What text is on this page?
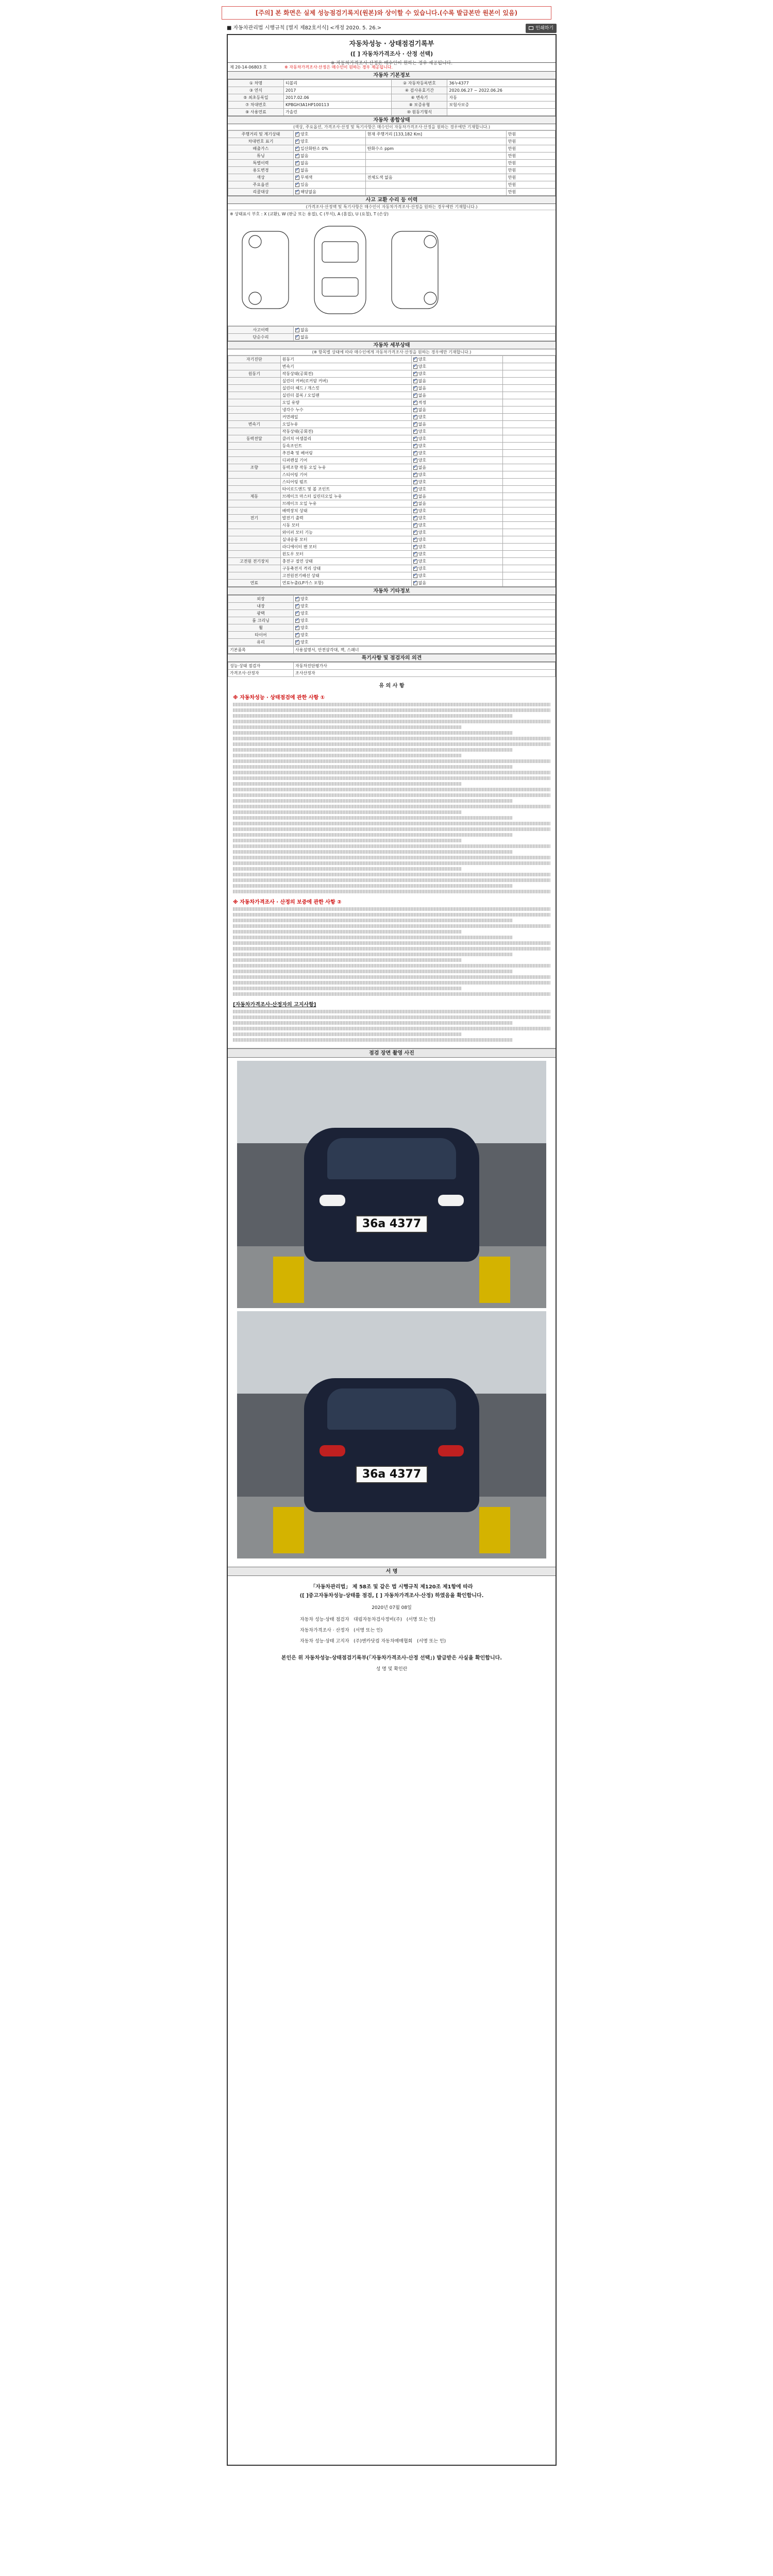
[주의] 본 화면은 실제 성능점검기록지(원본)와 상이할 수 있습니다.(수록 발급본만 원본이 있음)
■ 자동차관리법 시행규칙 [별지 제82호서식] <개정 2020. 5. 26.>	인쇄하기
자동차성능 · 상태점검기록부
([ ] 자동차가격조사 · 산정 선택)
※ 자동차가격조사·산정은 매수인이 원하는 경우 제공됩니다.
제 20-14-06803 호	※ 자동차가격조사·산정은 매수인이 원하는 경우 제공됩니다.
자동차 기본정보
① 차명	티볼리	② 자동차등록번호	36누4377
③ 연식	2017	④ 검사유효기간	2020.06.27 ~ 2022.06.26
⑤ 최초등록일	2017.02.06	⑥ 변속기	자동
⑦ 차대번호	KPBGH3A1HP100113	⑧ 보증유형	보험사보증
⑨ 사용연료	가솔린	⑩ 원동기형식	
자동차 종합상태
(색상, 주요옵션, 가격조사·산정 및 특기사항은 매수인이 자동차가격조사·산정을 원하는 경우에만 기재합니다.)
주행거리 및 계기상태	✓양호	현재 주행거리 [133,182 Km]	만원
차대번호 표기	✓양호		만원
배출가스	✓일산화탄소 0%	탄화수소 ppm	만원
튜닝	✓없음		만원
특별이력	✓없음		만원
용도변경	✓없음		만원
색상	✓무채색	전체도색 없음	만원
주요옵션	✓있음		만원
리콜대상	✓해당없음		만원
사고 교환 수리 등 이력
(가격조사·산정액 및 특기사항은 매수인이 자동차가격조사·산정을 원하는 경우에만 기재합니다.)
※ 상태표시 부호 : X (교환), W (판금 또는 용접), C (부식), A (흠집), U (요철), T (손상)
사고이력	✓없음
단순수리	✓없음
자동차 세부상태
(※ 항목별 상태에 따라 매수인에게 자동차가격조사·산정을 원하는 경우에만 기재합니다.)
자기진단	원동기	✓양호	
	변속기	✓양호	
원동기	작동상태(공회전)	✓양호	
	실린더 커버(로커암 커버)	✓없음	
	실린더 헤드 / 개스킷	✓없음	
	실린더 블록 / 오일팬	✓없음	
	오일 유량	✓적정	
	냉각수 누수	✓없음	
	커먼레일	✓양호	
변속기	오일누유	✓없음	
	작동상태(공회전)	✓양호	
동력전달	클러치 어셈블리	✓양호	
	등속조인트	✓양호	
	추진축 및 베어링	✓양호	
	디퍼렌셜 기어	✓양호	
조향	동력조향 작동 오일 누유	✓없음	
	스티어링 기어	✓양호	
	스티어링 펌프	✓양호	
	타이로드엔드 및 볼 조인트	✓양호	
제동	브레이크 마스터 실린더오일 누유	✓없음	
	브레이크 오일 누유	✓없음	
	배력장치 상태	✓양호	
전기	발전기 출력	✓양호	
	시동 모터	✓양호	
	와이퍼 모터 기능	✓양호	
	실내송풍 모터	✓양호	
	라디에이터 팬 모터	✓양호	
	윈도우 모터	✓양호	
고전원 전기장치	충전구 절연 상태	✓양호	
	구동축전지 격리 상태	✓양호	
	고전원전기배선 상태	✓양호	
연료	연료누출(LP가스 포함)	✓없음	
자동차 기타정보
외장	✓양호
내장	✓양호
광택	✓양호
룸 크리닝	✓양호
휠	✓양호
타이어	✓양호
유리	✓양호
기본품목	사용설명서, 안전삼각대, 잭, 스패너
특기사항 및 점검자의 의견
성능·상태 점검자	자동차진단평가사
가격조사·산정자	조사산정자
유 의 사 항
※ 자동차성능 · 상태점검에 관한 사항 ①
※ 자동차가격조사 · 산정의 보증에 관한 사항 ②
[자동차가격조사·산정자의 고지사항]
점검 장면 촬영 사진
36a 4377
36a 4377
서 명
「자동차관리법」 제 58조 및 같은 법 시행규칙 제120조 제1항에 따라
([ ]중고자동차성능·상태를 점검, [ ] 자동차가격조사·산정) 하였음을 확인합니다.
2020년 07월 08일
자동차 성능·상태 점검자 대림자동차검사정비(주) (서명 또는 인)
자동차가격조사 · 산정자 (서명 또는 인)
자동차 성능·상태 고지자 (주)엔카닷컴 자동차매매협회 (서명 또는 인)
본인은 위 자동차성능·상태점검기록부(「자동차가격조사·산정 선택」) 발급받은 사실을 확인합니다.
성 명 및 확인란
